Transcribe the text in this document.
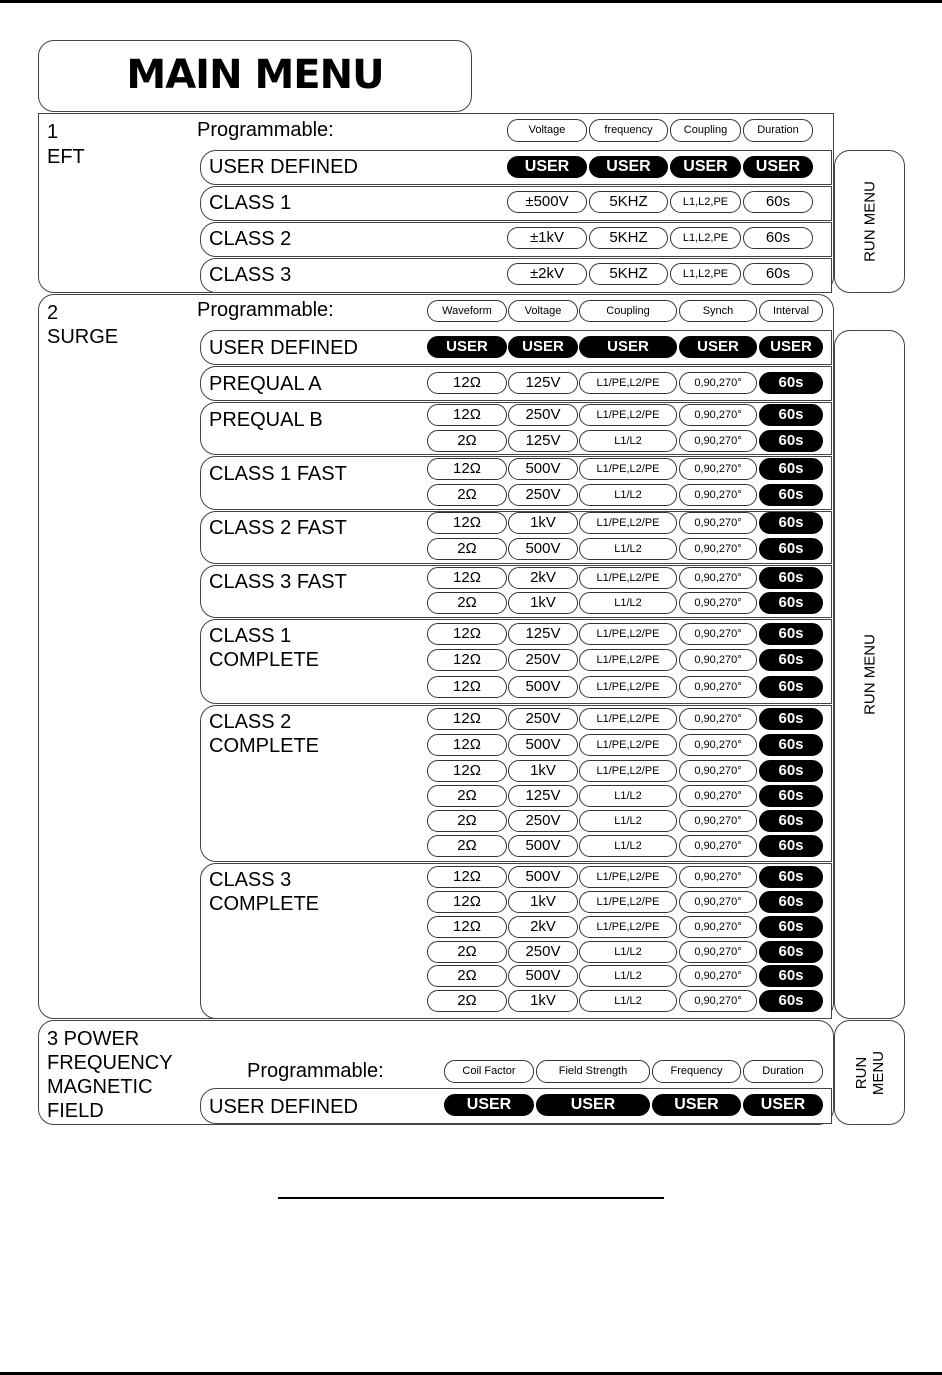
MAIN MENU
1
EFT
Programmable:	Voltage	frequency	Coupling	Duration
USER DEFINED	USER	USER	USER	USER
CLASS 1	±500V	5KHZ	L1,L2,PE	60s
CLASS 2	±1kV	5KHZ	L1,L2,PE	60s
CLASS 3	±2kV	5KHZ	L1,L2,PE	60s
RUN MENU
2
SURGE
Programmable:	Waveform	Voltage	Coupling	Synch	Interval
USER DEFINED	USER	USER	USER	USER	USER
PREQUAL A	12Ω	125V	L1/PE,L2/PE	0,90,270°	60s
PREQUAL B	12Ω	250V	L1/PE,L2/PE	0,90,270°	60s
2Ω	125V	L1/L2	0,90,270°	60s
CLASS 1 FAST	12Ω	500V	L1/PE,L2/PE	0,90,270°	60s
2Ω	250V	L1/L2	0,90,270°	60s
CLASS 2 FAST	12Ω	1kV	L1/PE,L2/PE	0,90,270°	60s
2Ω	500V	L1/L2	0,90,270°	60s
CLASS 3 FAST	12Ω	2kV	L1/PE,L2/PE	0,90,270°	60s
2Ω	1kV	L1/L2	0,90,270°	60s
CLASS 1
COMPLETE
12Ω	125V	L1/PE,L2/PE	0,90,270°	60s
12Ω	250V	L1/PE,L2/PE	0,90,270°	60s
12Ω	500V	L1/PE,L2/PE	0,90,270°	60s
CLASS 2
COMPLETE
12Ω	250V	L1/PE,L2/PE	0,90,270°	60s
12Ω	500V	L1/PE,L2/PE	0,90,270°	60s
12Ω	1kV	L1/PE,L2/PE	0,90,270°	60s
2Ω	125V	L1/L2	0,90,270°	60s
2Ω	250V	L1/L2	0,90,270°	60s
2Ω	500V	L1/L2	0,90,270°	60s
CLASS 3
COMPLETE
12Ω	500V	L1/PE,L2/PE	0,90,270°	60s
12Ω	1kV	L1/PE,L2/PE	0,90,270°	60s
12Ω	2kV	L1/PE,L2/PE	0,90,270°	60s
2Ω	250V	L1/L2	0,90,270°	60s
2Ω	500V	L1/L2	0,90,270°	60s
2Ω	1kV	L1/L2	0,90,270°	60s
RUN MENU
3 POWER
FREQUENCY
MAGNETIC
FIELD
Programmable:	Coil Factor	Field Strength	Frequency	Duration
USER DEFINED	USER	USER	USER	USER
RUN
MENU
